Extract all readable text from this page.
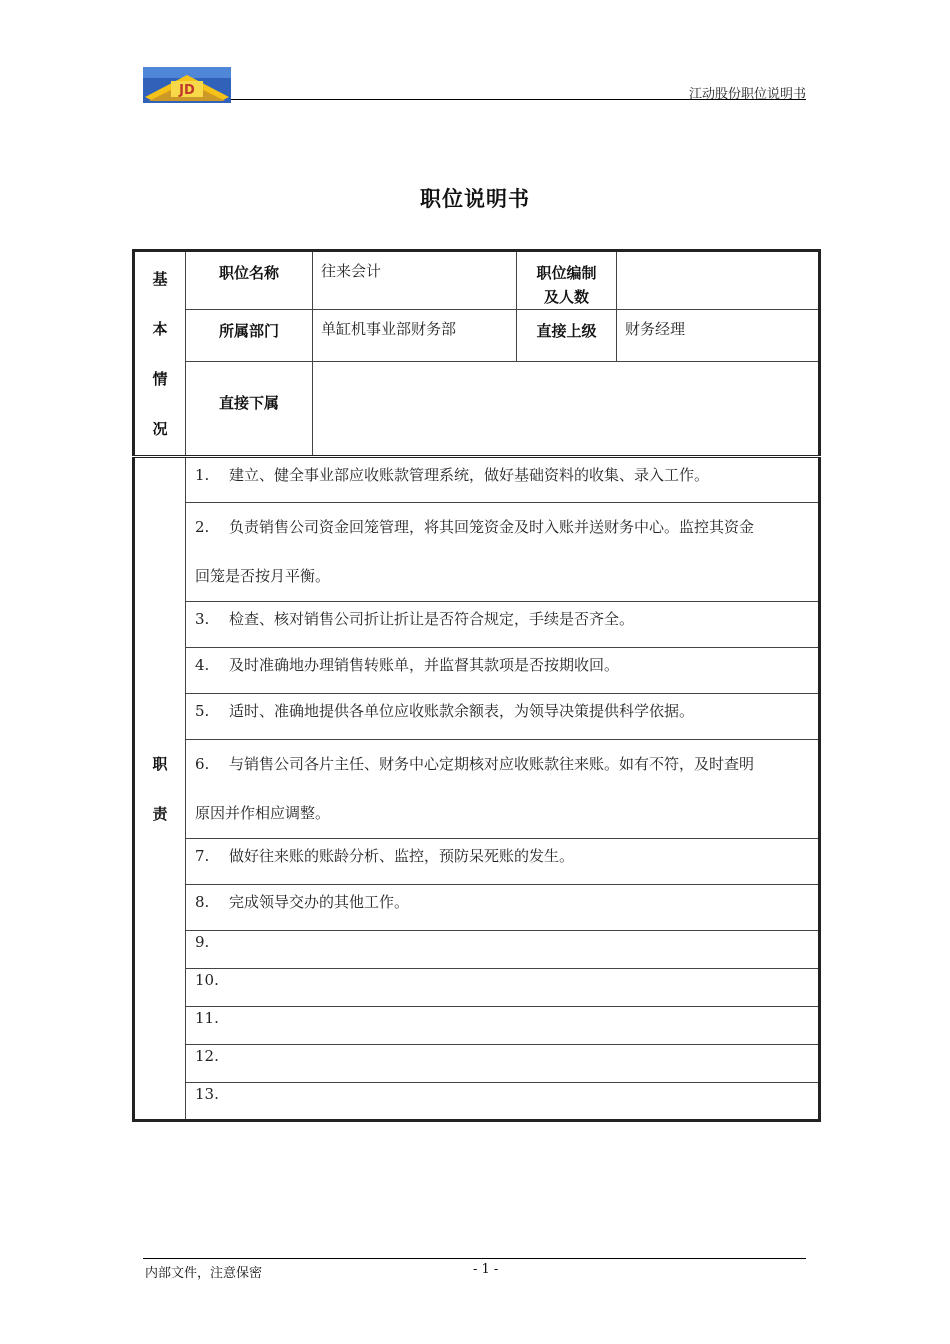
JD	江动股份职位说明书
职位说明书
基
本
情
况	职位名称	往来会计	职位编制
及人数	
	所属部门	单缸机事业部财务部	直接上级	财务经理
	直接下属			

职
责	1. 建立、健全事业部应收账款管理系统，做好基础资料的收集、录入工作。			

	2. 负责销售公司资金回笼管理，将其回笼资金及时入账并送财务中心。监控其资金
回笼是否按月平衡。			

	3. 检查、核对销售公司折让折让是否符合规定，手续是否齐全。			
	4. 及时准确地办理销售转账单，并监督其款项是否按期收回。			
	5. 适时、准确地提供各单位应收账款余额表，为领导决策提供科学依据。			

	6. 与销售公司各片主任、财务中心定期核对应收账款往来账。如有不符，及时查明
原因并作相应调整。			

	7. 做好往来账的账龄分析、监控，预防呆死账的发生。			
	8. 完成领导交办的其他工作。			
	9.			
	10.			
	11.			
	12.			
	13.			
内部文件，注意保密	- 1 -
